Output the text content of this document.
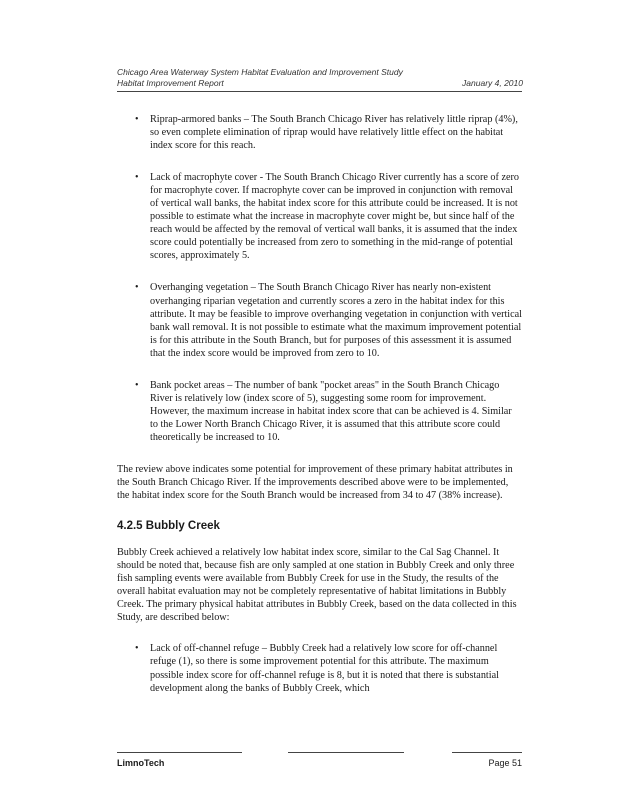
Chicago Area Waterway System Habitat Evaluation and Improvement Study
Habitat Improvement Report	January 4, 2010
• Riprap-armored banks – The South Branch Chicago River has relatively little riprap (4%), so even complete elimination of riprap would have relatively little effect on the habitat index score for this reach.
• Lack of macrophyte cover - The South Branch Chicago River currently has a score of zero for macrophyte cover. If macrophyte cover can be improved in conjunction with removal of vertical wall banks, the habitat index score for this attribute could be increased. It is not possible to estimate what the increase in macrophyte cover might be, but since half of the reach would be affected by the removal of vertical wall banks, it is assumed that the index score could potentially be increased from zero to something in the mid-range of potential scores, approximately 5.
• Overhanging vegetation – The South Branch Chicago River has nearly non-existent overhanging riparian vegetation and currently scores a zero in the habitat index for this attribute. It may be feasible to improve overhanging vegetation in conjunction with vertical bank wall removal. It is not possible to estimate what the maximum improvement potential is for this attribute in the South Branch, but for purposes of this assessment it is assumed that the index score would be improved from zero to 10.
• Bank pocket areas – The number of bank "pocket areas" in the South Branch Chicago River is relatively low (index score of 5), suggesting some room for improvement. However, the maximum increase in habitat index score that can be achieved is 4. Similar to the Lower North Branch Chicago River, it is assumed that this attribute score could theoretically be increased to 10.

The review above indicates some potential for improvement of these primary habitat attributes in the South Branch Chicago River. If the improvements described above were to be implemented, the habitat index score for the South Branch would be increased from 34 to 47 (38% increase).

4.2.5 Bubbly Creek

Bubbly Creek achieved a relatively low habitat index score, similar to the Cal Sag Channel. It should be noted that, because fish are only sampled at one station in Bubbly Creek and only three fish sampling events were available from Bubbly Creek for use in the Study, the results of the overall habitat evaluation may not be completely representative of habitat limitations in Bubbly Creek. The primary physical habitat attributes in Bubbly Creek, based on the data collected in this Study, are described below:

• Lack of off-channel refuge – Bubbly Creek had a relatively low score for off-channel refuge (1), so there is some improvement potential for this attribute. The maximum possible index score for off-channel refuge is 8, but it is noted that there is substantial development along the banks of Bubbly Creek, which
LimnoTech	Page 51
